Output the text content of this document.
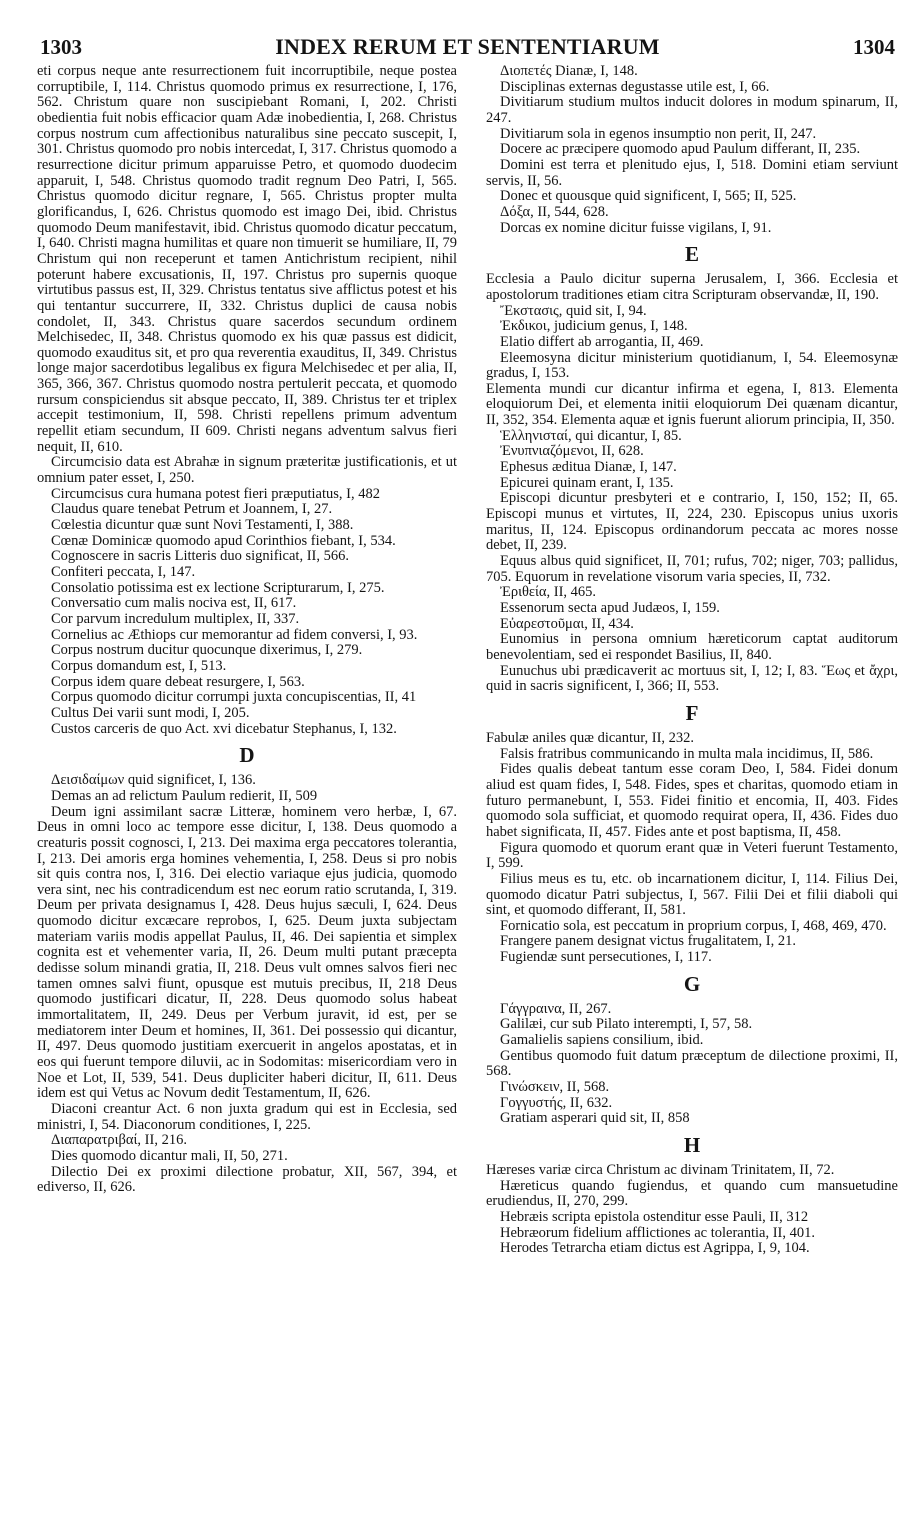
1303	INDEX RERUM ET SENTENTIARUM	1304

eti corpus neque ante resurrectionem fuit incorruptibile, neque postea corruptibile, I, 114. Christus quomodo primus ex resurrectione, I, 176, 562. Christum quare non suscipiebant Romani, I, 202. Christi obedientia fuit nobis efficacior quam Adæ inobedientia, I, 268. Christus corpus nostrum cum affectionibus naturalibus sine peccato suscepit, I, 301. Christus quomodo pro nobis intercedat, I, 317. Christus quomodo a resurrectione dicitur primum apparuisse Petro, et quomodo duodecim apparuit, I, 548. Christus quomodo tradit regnum Deo Patri, I, 565. Christus quomodo dicitur regnare, I, 565. Christus propter multa glorificandus, I, 626. Christus quomodo est imago Dei, ibid. Christus quomodo Deum manifestavit, ibid. Christus quomodo dicatur peccatum, I, 640. Christi magna humilitas et quare non timuerit se humiliare, II, 79 Christum qui non receperunt et tamen Antichristum recipient, nihil poterunt habere excusationis, II, 197. Christus pro supernis quoque virtutibus passus est, II, 329. Christus tentatus sive afflictus potest et his qui tentantur succurrere, II, 332. Christus duplici de causa nobis condolet, II, 343. Christus quare sacerdos secundum ordinem Melchisedec, II, 348. Christus quomodo ex his quæ passus est didicit, quomodo exauditus sit, et pro qua reverentia exauditus, II, 349. Christus longe major sacerdotibus legalibus ex figura Melchisedec et per alia, II, 365, 366, 367. Christus quomodo nostra pertulerit peccata, et quomodo rursum conspiciendus sit absque peccato, II, 389. Christus ter et triplex accepit testimonium, II, 598. Christi repellens primum adventum repellit etiam secundum, II 609. Christi negans adventum salvus fieri nequit, II, 610.

Circumcisio data est Abrahæ in signum præteritæ justificationis, et ut omnium pater esset, I, 250.

Circumcisus cura humana potest fieri præputiatus, I, 482

Claudus quare tenebat Petrum et Joannem, I, 27.

Cœlestia dicuntur quæ sunt Novi Testamenti, I, 388.

Cœnæ Dominicæ quomodo apud Corinthios fiebant, I, 534.

Cognoscere in sacris Litteris duo significat, II, 566.

Confiteri peccata, I, 147.

Consolatio potissima est ex lectione Scripturarum, I, 275.

Conversatio cum malis nociva est, II, 617.

Cor parvum incredulum multiplex, II, 337.

Cornelius ac Æthiops cur memorantur ad fidem conversi, I, 93.

Corpus nostrum ducitur quocunque dixerimus, I, 279.

Corpus domandum est, I, 513.

Corpus idem quare debeat resurgere, I, 563.

Corpus quomodo dicitur corrumpi juxta concupiscentias, II, 41

Cultus Dei varii sunt modi, I, 205.

Custos carceris de quo Act. xvi dicebatur Stephanus, I, 132.

D

Δεισιδαίμων quid significet, I, 136.

Demas an ad relictum Paulum redierit, II, 509

Deum igni assimilant sacræ Litteræ, hominem vero herbæ, I, 67. Deus in omni loco ac tempore esse dicitur, I, 138. Deus quomodo a creaturis possit cognosci, I, 213. Dei maxima erga peccatores tolerantia, I, 213. Dei amoris erga homines vehementia, I, 258. Deus si pro nobis sit quis contra nos, I, 316. Dei electio variaque ejus judicia, quomodo vera sint, nec his contradicendum est nec eorum ratio scrutanda, I, 319. Deum per privata designamus I, 428. Deus hujus sæculi, I, 624. Deus quomodo dicitur excæcare reprobos, I, 625. Deum juxta subjectam materiam variis modis appellat Paulus, II, 46. Dei sapientia et simplex cognita est et vehementer varia, II, 26. Deum multi putant præcepta dedisse solum minandi gratia, II, 218. Deus vult omnes salvos fieri nec tamen omnes salvi fiunt, opusque est mutuis precibus, II, 218 Deus quomodo justificari dicatur, II, 228. Deus quomodo solus habeat immortalitatem, II, 249. Deus per Verbum juravit, id est, per se mediatorem inter Deum et homines, II, 361. Dei possessio qui dicantur, II, 497. Deus quomodo justitiam exercuerit in angelos apostatas, et in eos qui fuerunt tempore diluvii, ac in Sodomitas: misericordiam vero in Noe et Lot, II, 539, 541. Deus dupliciter haberi dicitur, II, 611. Deus idem est qui Vetus ac Novum dedit Testamentum, II, 626.

Diaconi creantur Act. 6 non juxta gradum qui est in Ecclesia, sed ministri, I, 54. Diaconorum conditiones, I, 225.

Διαπαρατριβαί, II, 216.

Dies quomodo dicantur mali, II, 50, 271.

Dilectio Dei ex proximi dilectione probatur, XII, 567, 394, et ediverso, II, 626.

Διοπετές Dianæ, I, 148.

Disciplinas externas degustasse utile est, I, 66.

Divitiarum studium multos inducit dolores in modum spinarum, II, 247.

Divitiarum sola in egenos insumptio non perit, II, 247.

Docere ac præcipere quomodo apud Paulum differant, II, 235.

Domini est terra et plenitudo ejus, I, 518. Domini etiam serviunt servis, II, 56.

Donec et quousque quid significent, I, 565; II, 525.

Δόξα, II, 544, 628.

Dorcas ex nomine dicitur fuisse vigilans, I, 91.

E

Ecclesia a Paulo dicitur superna Jerusalem, I, 366. Ecclesia et apostolorum traditiones etiam citra Scripturam observandæ, II, 190.

Ἔκστασις, quid sit, I, 94.

Ἐκδικοι, judicium genus, I, 148.

Elatio differt ab arrogantia, II, 469.

Eleemosyna dicitur ministerium quotidianum, I, 54. Eleemosynæ gradus, I, 153.

Elementa mundi cur dicantur infirma et egena, I, 813. Elementa eloquiorum Dei, et elementa initii eloquiorum Dei quænam dicantur, II, 352, 354. Elementa aquæ et ignis fuerunt aliorum principia, II, 350.

Ἑλληνισταί, qui dicantur, I, 85.

Ἐνυπνιαζόμενοι, II, 628.

Ephesus æditua Dianæ, I, 147.

Epicurei quinam erant, I, 135.

Episcopi dicuntur presbyteri et e contrario, I, 150, 152; II, 65. Episcopi munus et virtutes, II, 224, 230. Episcopus unius uxoris maritus, II, 124. Episcopus ordinandorum peccata ac mores nosse debet, II, 239.

Equus albus quid significet, II, 701; rufus, 702; niger, 703; pallidus, 705. Equorum in revelatione visorum varia species, II, 732.

Ἐριθεία, II, 465.

Essenorum secta apud Judæos, I, 159.

Εὐαρεστοῦμαι, II, 434.

Eunomius in persona omnium hæreticorum captat auditorum benevolentiam, sed ei respondet Basilius, II, 840.

Eunuchus ubi prædicaverit ac mortuus sit, I, 12; I, 83. Ἕως et ἄχρι, quid in sacris significent, I, 366; II, 553.

F

Fabulæ aniles quæ dicantur, II, 232.

Falsis fratribus communicando in multa mala incidimus, II, 586.

Fides qualis debeat tantum esse coram Deo, I, 584. Fidei donum aliud est quam fides, I, 548. Fides, spes et charitas, quomodo etiam in futuro permanebunt, I, 553. Fidei finitio et encomia, II, 403. Fides quomodo sola sufficiat, et quomodo requirat opera, II, 436. Fides duo habet significata, II, 457. Fides ante et post baptisma, II, 458.

Figura quomodo et quorum erant quæ in Veteri fuerunt Testamento, I, 599.

Filius meus es tu, etc. ob incarnationem dicitur, I, 114. Filius Dei, quomodo dicatur Patri subjectus, I, 567. Filii Dei et filii diaboli qui sint, et quomodo differant, II, 581.

Fornicatio sola, est peccatum in proprium corpus, I, 468, 469, 470.

Frangere panem designat victus frugalitatem, I, 21.

Fugiendæ sunt persecutiones, I, 117.

G

Γάγγραινα, II, 267.

Galilæi, cur sub Pilato interempti, I, 57, 58.

Gamalielis sapiens consilium, ibid.

Gentibus quomodo fuit datum præceptum de dilectione proximi, II, 568.

Γινώσκειν, II, 568.

Γογγυστής, II, 632.

Gratiam asperari quid sit, II, 858

H

Hæreses variæ circa Christum ac divinam Trinitatem, II, 72.

Hæreticus quando fugiendus, et quando cum mansuetudine erudiendus, II, 270, 299.

Hebræis scripta epistola ostenditur esse Pauli, II, 312

Hebræorum fidelium afflictiones ac tolerantia, II, 401.

Herodes Tetrarcha etiam dictus est Agrippa, I, 9, 104.
